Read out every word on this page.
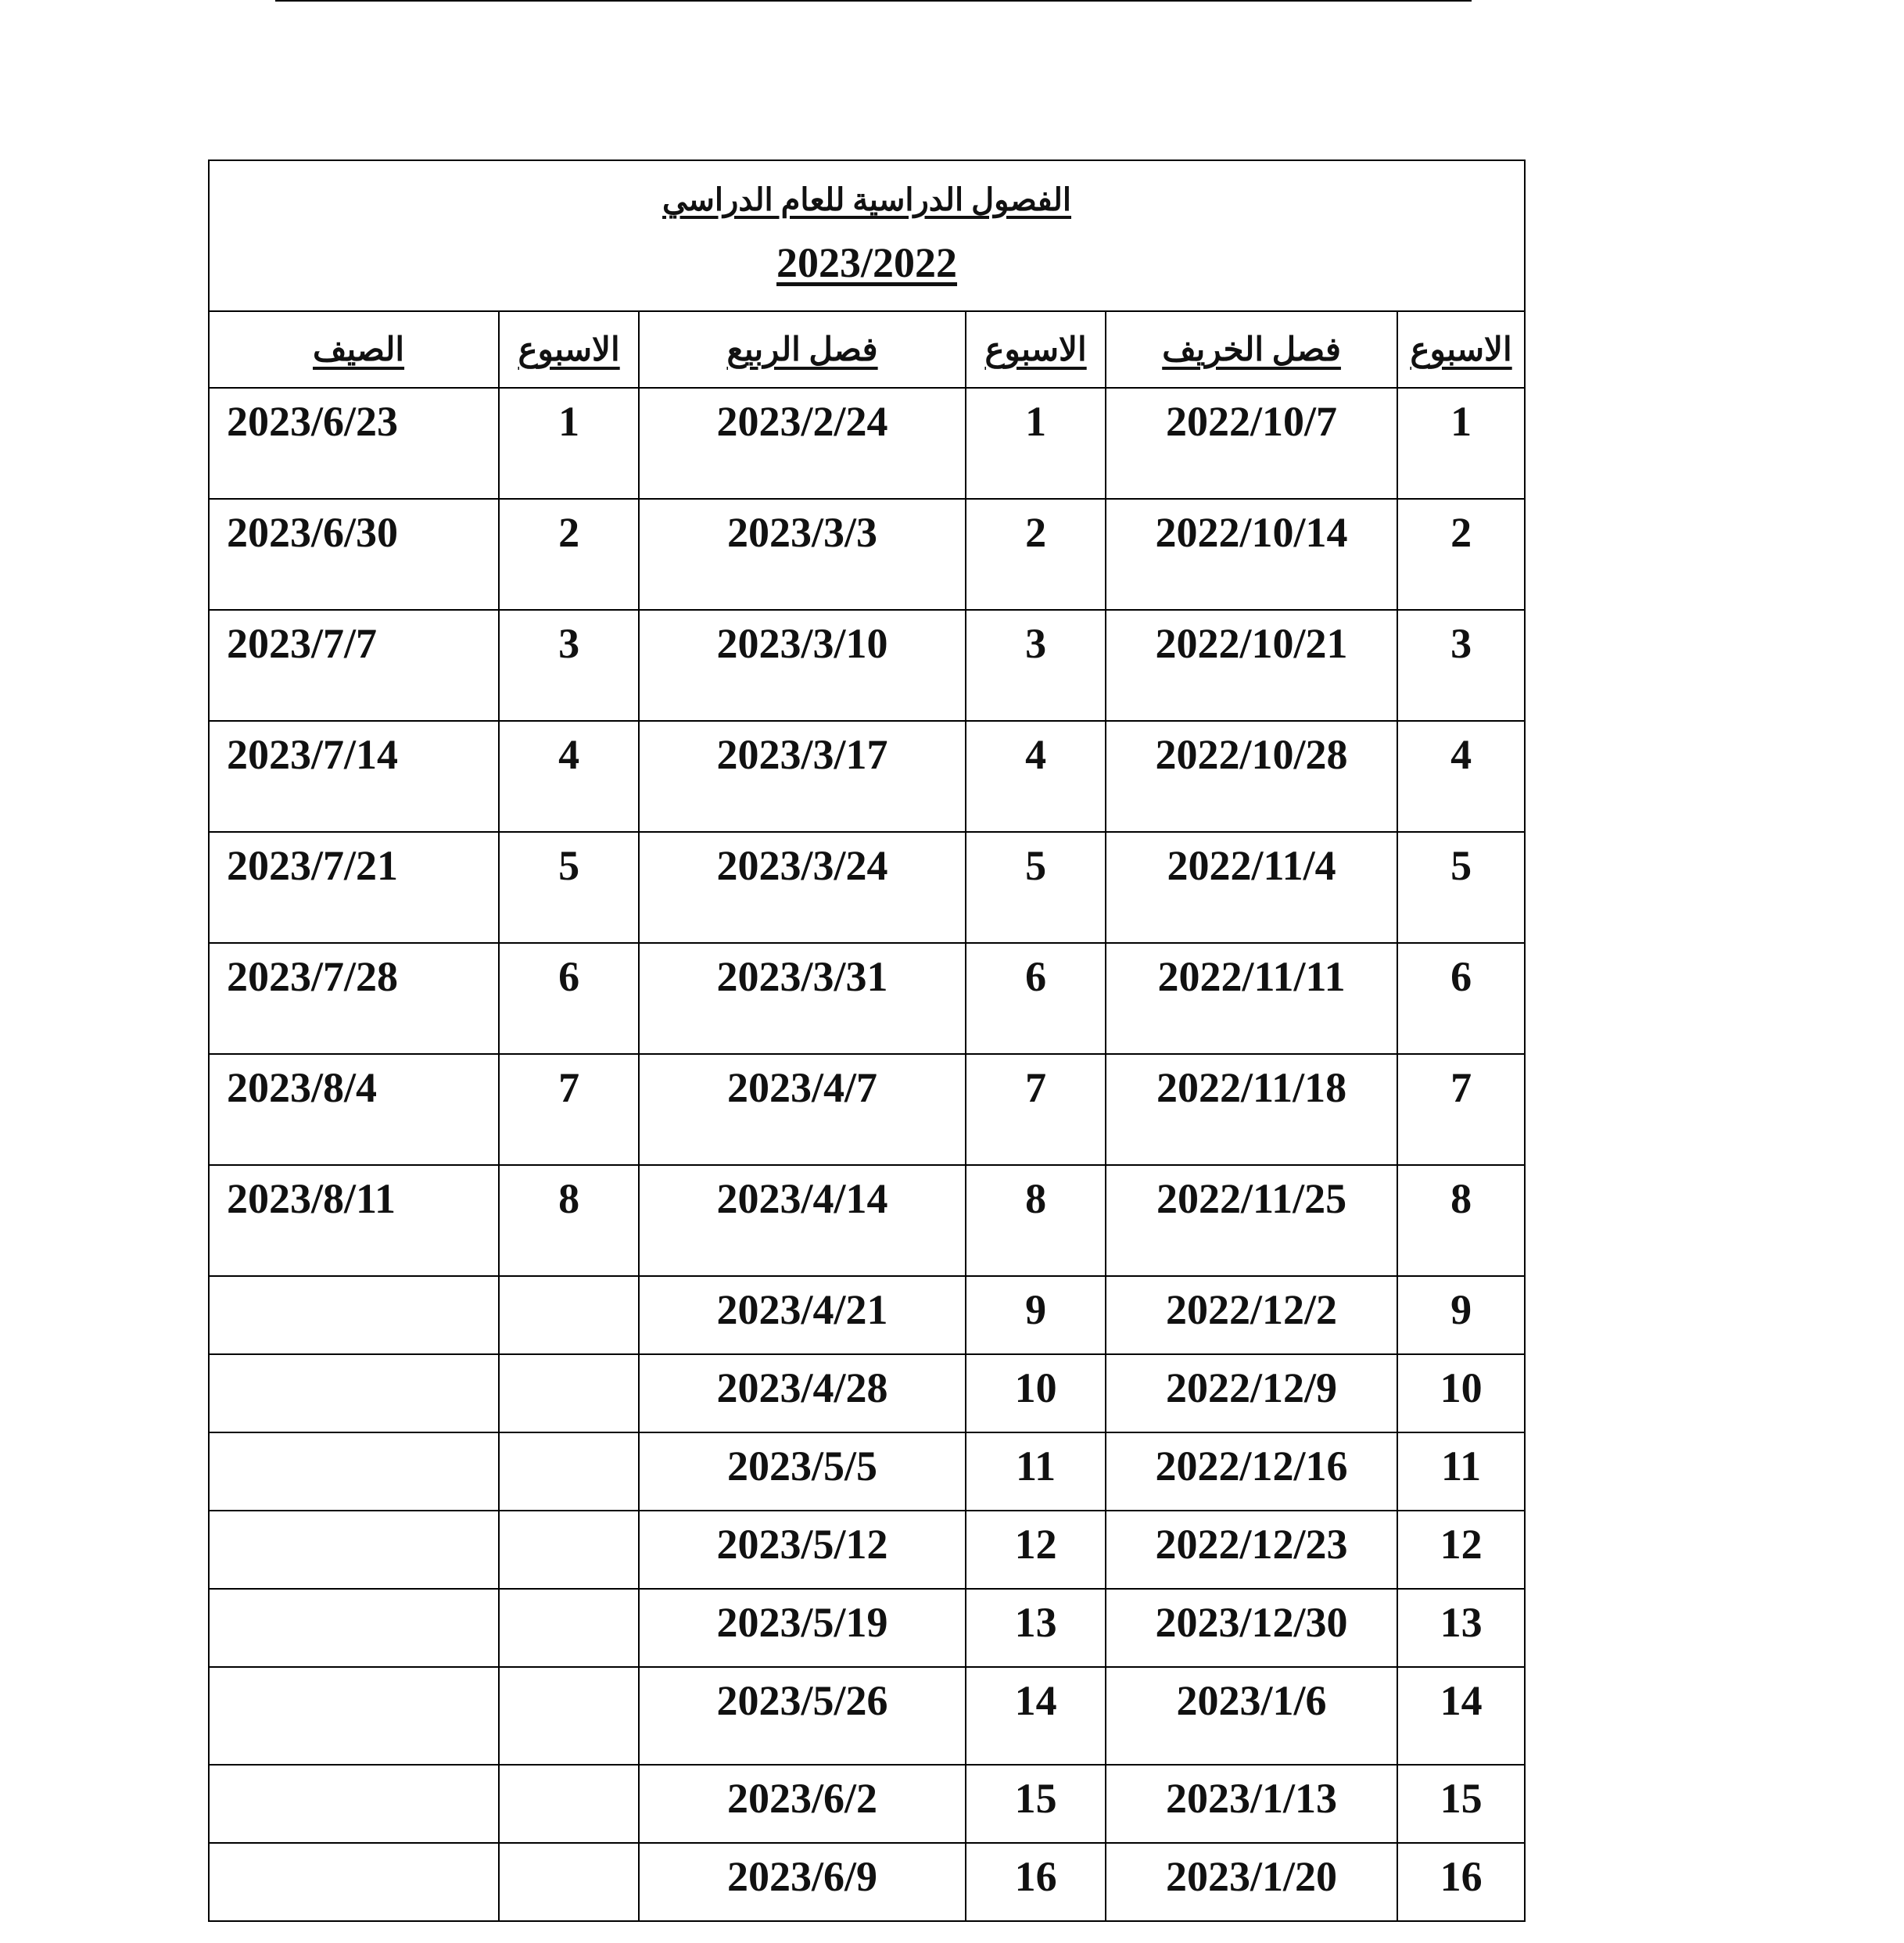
الفصول الدراسية للعام الدراسي
2023/2022					

الاسبوع	فصل الخريف	الاسبوع	فصل الربيع	الاسبوع	الصيف
1	2022/10/7	1	2023/2/24	1	2023/6/23
2	2022/10/14	2	2023/3/3	2	2023/6/30
3	2022/10/21	3	2023/3/10	3	2023/7/7
4	2022/10/28	4	2023/3/17	4	2023/7/14
5	2022/11/4	5	2023/3/24	5	2023/7/21
6	2022/11/11	6	2023/3/31	6	2023/7/28
7	2022/11/18	7	2023/4/7	7	2023/8/4
8	2022/11/25	8	2023/4/14	8	2023/8/11
9	2022/12/2	9	2023/4/21		
10	2022/12/9	10	2023/4/28		
11	2022/12/16	11	2023/5/5		
12	2022/12/23	12	2023/5/12		
13	2023/12/30	13	2023/5/19		
14	2023/1/6	14	2023/5/26		
15	2023/1/13	15	2023/6/2		
16	2023/1/20	16	2023/6/9		
